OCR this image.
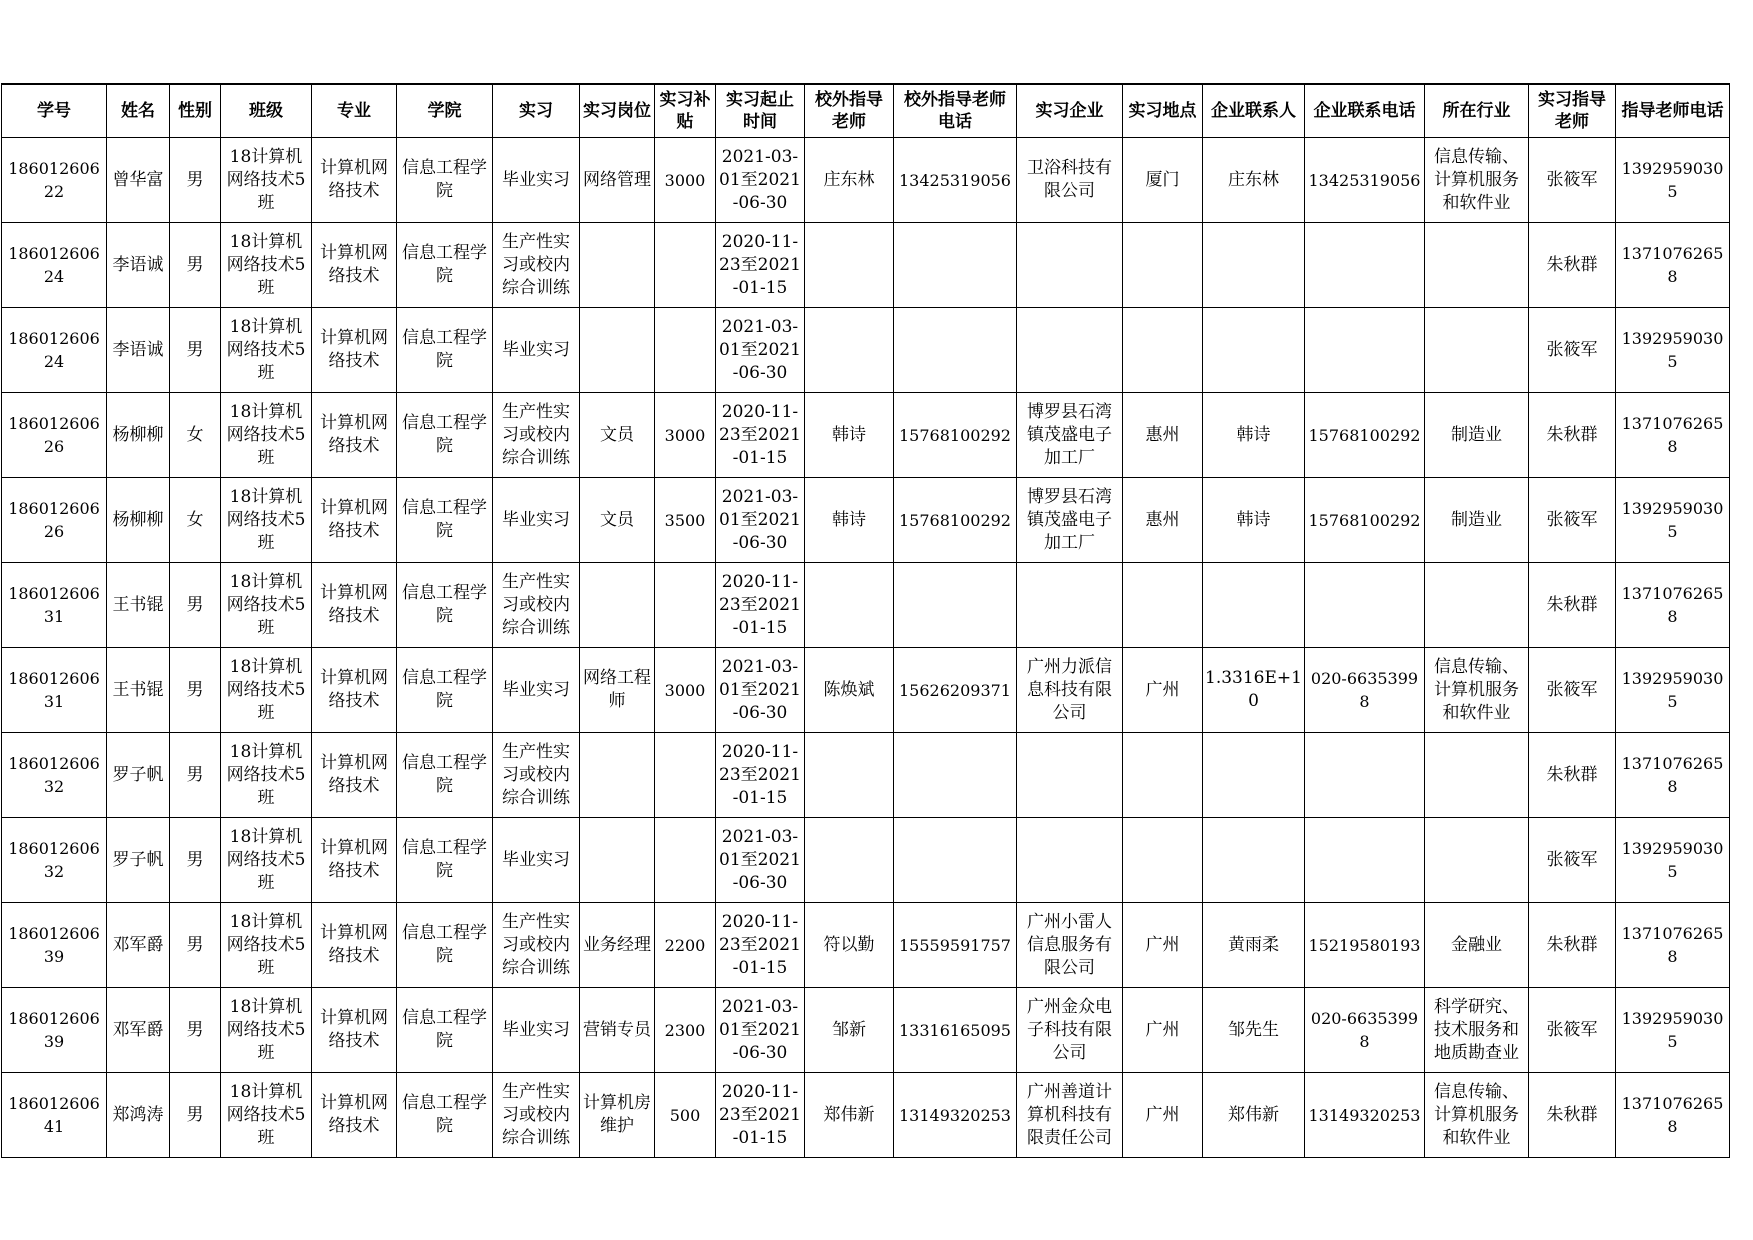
学号	姓名	性别	班级	专业	学院	实习	实习岗位	实习补贴	实习起止时间	校外指导老师	校外指导老师电话	实习企业	实习地点	企业联系人	企业联系电话	所在行业	实习指导老师	指导老师电话

18601260622	曾华富	男	18计算机网络技术5班	计算机网络技术	信息工程学院	毕业实习	网络管理	3000	2021-03-01至2021-06-30	庄东林	13425319056	卫浴科技有限公司	厦门	庄东林	13425319056	信息传输、计算机服务和软件业	张筱军	13929590305

18601260624	李语诚	男	18计算机网络技术5班	计算机网络技术	信息工程学院	生产性实习或校内综合训练			2020-11-23至2021-01-15								朱秋群	13710762658

18601260624	李语诚	男	18计算机网络技术5班	计算机网络技术	信息工程学院	毕业实习			2021-03-01至2021-06-30								张筱军	13929590305

18601260626	杨柳柳	女	18计算机网络技术5班	计算机网络技术	信息工程学院	生产性实习或校内综合训练	文员	3000	2020-11-23至2021-01-15	韩诗	15768100292	博罗县石湾镇茂盛电子加工厂	惠州	韩诗	15768100292	制造业	朱秋群	13710762658

18601260626	杨柳柳	女	18计算机网络技术5班	计算机网络技术	信息工程学院	毕业实习	文员	3500	2021-03-01至2021-06-30	韩诗	15768100292	博罗县石湾镇茂盛电子加工厂	惠州	韩诗	15768100292	制造业	张筱军	13929590305

18601260631	王书锟	男	18计算机网络技术5班	计算机网络技术	信息工程学院	生产性实习或校内综合训练			2020-11-23至2021-01-15								朱秋群	13710762658

18601260631	王书锟	男	18计算机网络技术5班	计算机网络技术	信息工程学院	毕业实习	网络工程师	3000	2021-03-01至2021-06-30	陈焕斌	15626209371	广州力派信息科技有限公司	广州	1.3316E+10	020-66353998	信息传输、计算机服务和软件业	张筱军	13929590305

18601260632	罗子帆	男	18计算机网络技术5班	计算机网络技术	信息工程学院	生产性实习或校内综合训练			2020-11-23至2021-01-15								朱秋群	13710762658

18601260632	罗子帆	男	18计算机网络技术5班	计算机网络技术	信息工程学院	毕业实习			2021-03-01至2021-06-30								张筱军	13929590305

18601260639	邓军爵	男	18计算机网络技术5班	计算机网络技术	信息工程学院	生产性实习或校内综合训练	业务经理	2200	2020-11-23至2021-01-15	符以勤	15559591757	广州小雷人信息服务有限公司	广州	黄雨柔	15219580193	金融业	朱秋群	13710762658

18601260639	邓军爵	男	18计算机网络技术5班	计算机网络技术	信息工程学院	毕业实习	营销专员	2300	2021-03-01至2021-06-30	邹新	13316165095	广州金众电子科技有限公司	广州	邹先生	020-66353998	科学研究、技术服务和地质勘查业	张筱军	13929590305

18601260641	郑鸿涛	男	18计算机网络技术5班	计算机网络技术	信息工程学院	生产性实习或校内综合训练	计算机房维护	500	2020-11-23至2021-01-15	郑伟新	13149320253	广州善道计算机科技有限责任公司	广州	郑伟新	13149320253	信息传输、计算机服务和软件业	朱秋群	13710762658
